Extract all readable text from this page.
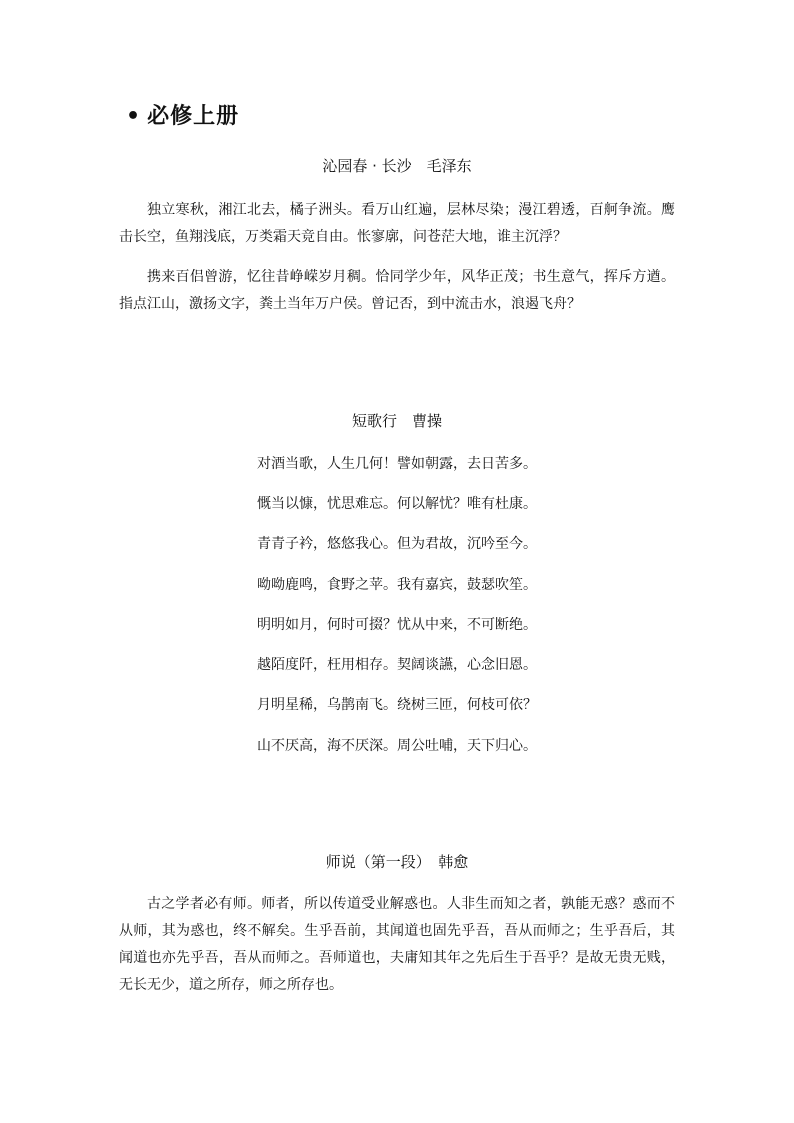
• 必修上册
沁园春 · 长沙　毛泽东
独立寒秋，湘江北去，橘子洲头。看万山红遍，层林尽染；漫江碧透，百舸争流。鹰击长空，鱼翔浅底，万类霜天竞自由。怅寥廓，问苍茫大地，谁主沉浮？
携来百侣曾游，忆往昔峥嵘岁月稠。恰同学少年，风华正茂；书生意气，挥斥方遒。指点江山，激扬文字，粪土当年万户侯。曾记否，到中流击水，浪遏飞舟？
短歌行　曹操
对酒当歌，人生几何！譬如朝露，去日苦多。
慨当以慷，忧思难忘。何以解忧？唯有杜康。
青青子衿，悠悠我心。但为君故，沉吟至今。
呦呦鹿鸣，食野之苹。我有嘉宾，鼓瑟吹笙。
明明如月，何时可掇？忧从中来，不可断绝。
越陌度阡，枉用相存。契阔谈讌，心念旧恩。
月明星稀，乌鹊南飞。绕树三匝，何枝可依？
山不厌高，海不厌深。周公吐哺，天下归心。
师说（第一段）　韩愈
古之学者必有师。师者，所以传道受业解惑也。人非生而知之者，孰能无惑？惑而不从师，其为惑也，终不解矣。生乎吾前，其闻道也固先乎吾，吾从而师之；生乎吾后，其闻道也亦先乎吾，吾从而师之。吾师道也，夫庸知其年之先后生于吾乎？是故无贵无贱，无长无少，道之所存，师之所存也。
